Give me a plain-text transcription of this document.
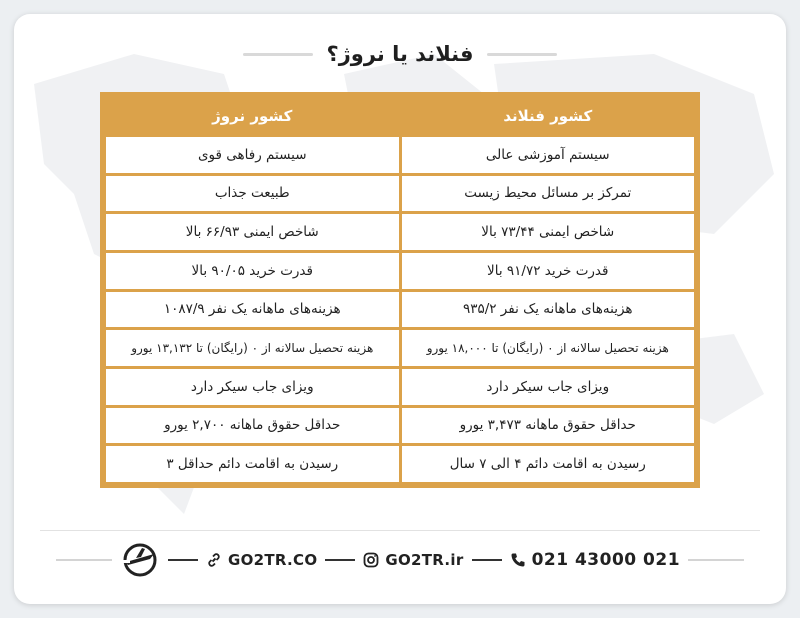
فنلاند یا نروژ؟
کشور فنلاند
کشور نروژ
سیستم آموزشی عالی
سیستم رفاهی قوی
تمرکز بر مسائل محیط زیست
طبیعت جذاب
شاخص ایمنی ۷۳/۴۴ بالا
شاخص ایمنی ۶۶/۹۳ بالا
قدرت خرید ۹۱/۷۲ بالا
قدرت خرید ۹۰/۰۵ بالا
هزینه‌های ماهانه یک نفر ۹۳۵/۲
هزینه‌های ماهانه یک نفر ۱۰۸۷/۹
هزینه تحصیل سالانه از ۰ (رایگان) تا ۱۸,۰۰۰ یورو
هزینه تحصیل سالانه از ۰ (رایگان) تا ۱۳,۱۳۲ یورو
ویزای جاب سیکر دارد
ویزای جاب سیکر دارد
حداقل حقوق ماهانه ۳,۴۷۳ یورو
حداقل حقوق ماهانه ۲,۷۰۰ یورو
رسیدن به اقامت دائم ۴ الی ۷ سال
رسیدن به اقامت دائم حداقل ۳
GO2TR.CO	GO2TR.ir	021 43000 021
